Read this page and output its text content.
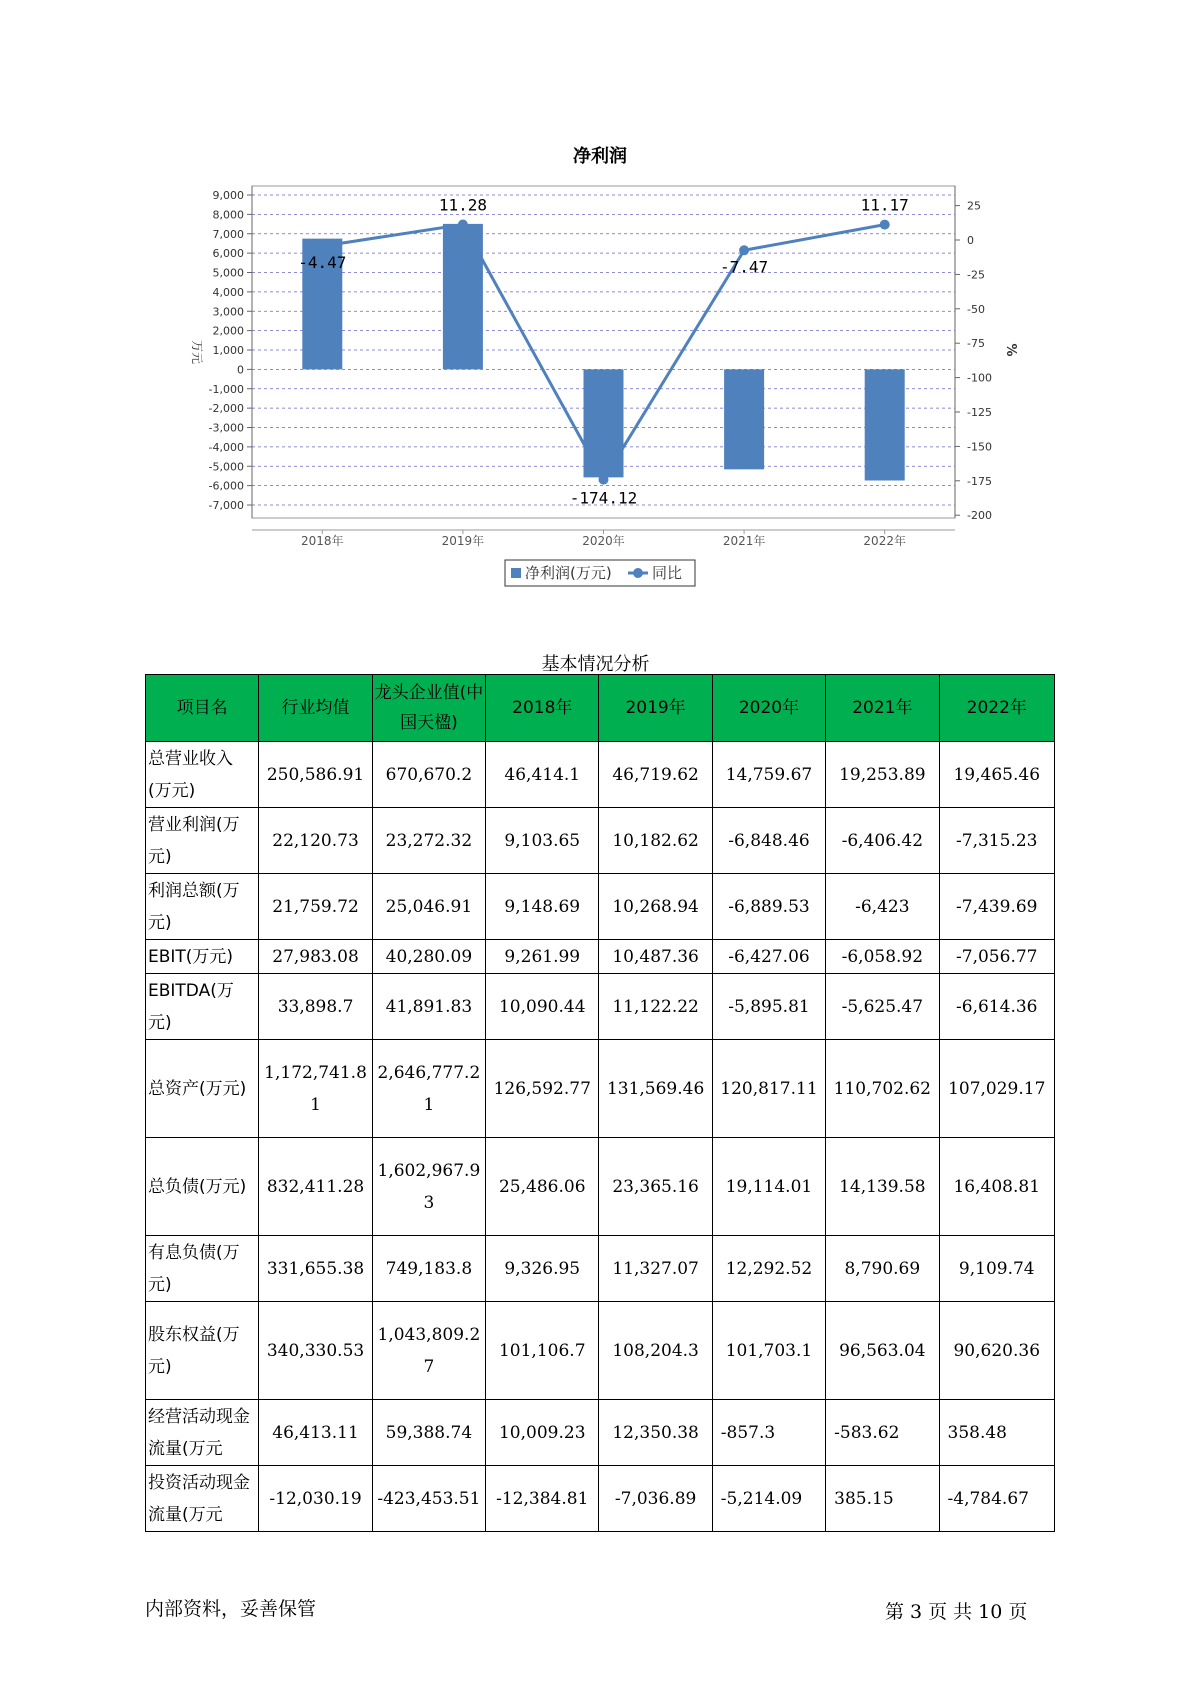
净利润
9,000
8,000
7,000
6,000
5,000
4,000
3,000
2,000
1,000
0
-1,000
-2,000
-3,000
-4,000
-5,000
-6,000
-7,000
25
0
-25
-50
-75
-100
-125
-150
-175
-200
万元	%
2018年	2019年	2020年	2021年	2022年
-4.47
11.28
-174.12
-7.47
11.17
净利润(万元)	同比
基本情况分析
项目名	行业均值	龙头企业值(中国天楹)	2018年	2019年	2020年	2021年	2022年
总营业收入(万元)	250,586.91	670,670.2	46,414.1	46,719.62	14,759.67	19,253.89	19,465.46
营业利润(万元)	22,120.73	23,272.32	9,103.65	10,182.62	-6,848.46	-6,406.42	-7,315.23
利润总额(万元)	21,759.72	25,046.91	9,148.69	10,268.94	-6,889.53	-6,423	-7,439.69
EBIT(万元)	27,983.08	40,280.09	9,261.99	10,487.36	-6,427.06	-6,058.92	-7,056.77
EBITDA(万元)	33,898.7	41,891.83	10,090.44	11,122.22	-5,895.81	-5,625.47	-6,614.36
总资产(万元)	1,172,741.81	2,646,777.21	126,592.77	131,569.46	120,817.11	110,702.62	107,029.17
总负债(万元)	832,411.28	1,602,967.93	25,486.06	23,365.16	19,114.01	14,139.58	16,408.81
有息负债(万元)	331,655.38	749,183.8	9,326.95	11,327.07	12,292.52	8,790.69	9,109.74
股东权益(万元)	340,330.53	1,043,809.27	101,106.7	108,204.3	101,703.1	96,563.04	90,620.36
经营活动现金流量(万元	46,413.11	59,388.74	10,009.23	12,350.38	-857.3	-583.62	358.48
投资活动现金流量(万元	-12,030.19	-423,453.51	-12,384.81	-7,036.89	-5,214.09	385.15	-4,784.67
内部资料，妥善保管	第 3 页 共 10 页
